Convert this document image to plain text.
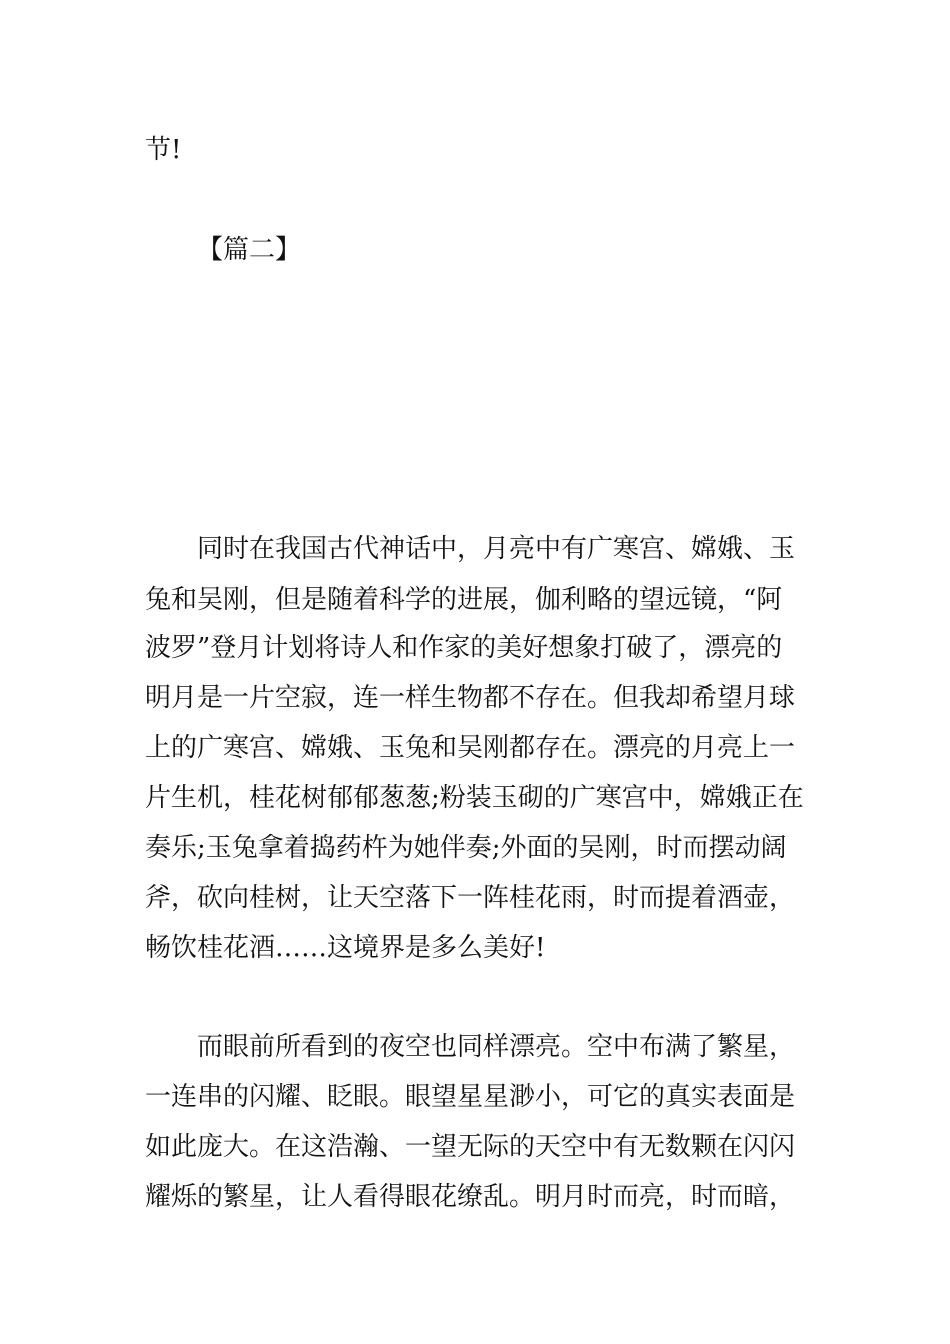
节!
【篇二】
同时在我国古代神话中，月亮中有广寒宫、嫦娥、玉
兔和吴刚，但是随着科学的进展，伽利略的望远镜，“阿
波罗”登月计划将诗人和作家的美好想象打破了，漂亮的
明月是一片空寂，连一样生物都不存在。但我却希望月球
上的广寒宫、嫦娥、玉兔和吴刚都存在。漂亮的月亮上一
片生机，桂花树郁郁葱葱;粉装玉砌的广寒宫中，嫦娥正在
奏乐;玉兔拿着捣药杵为她伴奏;外面的吴刚，时而摆动阔
斧，砍向桂树，让天空落下一阵桂花雨，时而提着酒壶，
畅饮桂花酒……这境界是多么美好!
而眼前所看到的夜空也同样漂亮。空中布满了繁星，
一连串的闪耀、眨眼。眼望星星渺小，可它的真实表面是
如此庞大。在这浩瀚、一望无际的天空中有无数颗在闪闪
耀烁的繁星，让人看得眼花缭乱。明月时而亮，时而暗，
